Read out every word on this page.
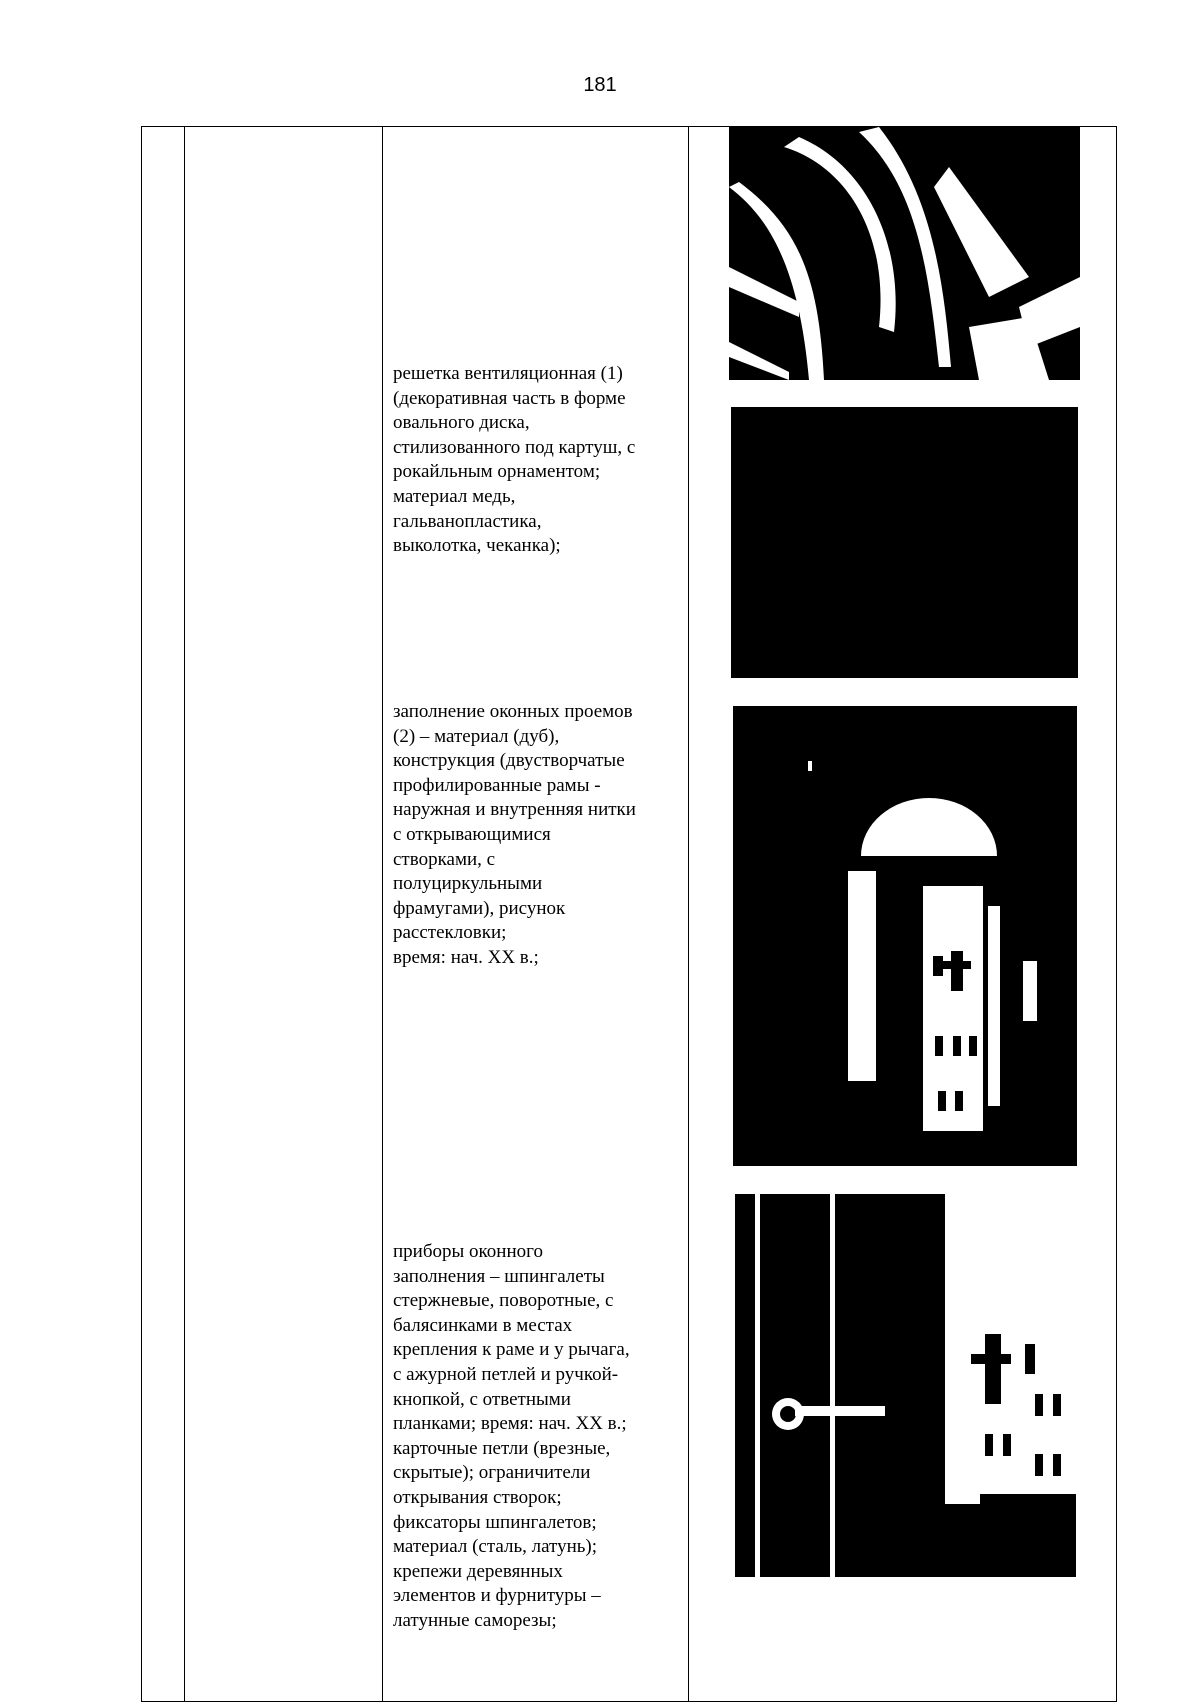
181
решетка вентиляционная (1)
(декоративная часть в форме
овального диска,
стилизованного под картуш, с
рокайльным орнаментом;
материал медь,
гальванопластика,
выколотка, чеканка);
заполнение оконных проемов
(2) – материал (дуб),
конструкция (двустворчатые
профилированные рамы -
наружная и внутренняя нитки
с открывающимися
створками, с
полуциркульными
фрамугами), рисунок
расстекловки;
время: нач. XX в.;
приборы оконного
заполнения – шпингалеты
стержневые, поворотные, с
балясинками в местах
крепления к раме и у рычага,
с ажурной петлей и ручкой-
кнопкой, с ответными
планками; время: нач. XX в.;
карточные петли (врезные,
скрытые); ограничители
открывания створок;
фиксаторы шпингалетов;
материал (сталь, латунь);
крепежи деревянных
элементов и фурнитуры –
латунные саморезы;
